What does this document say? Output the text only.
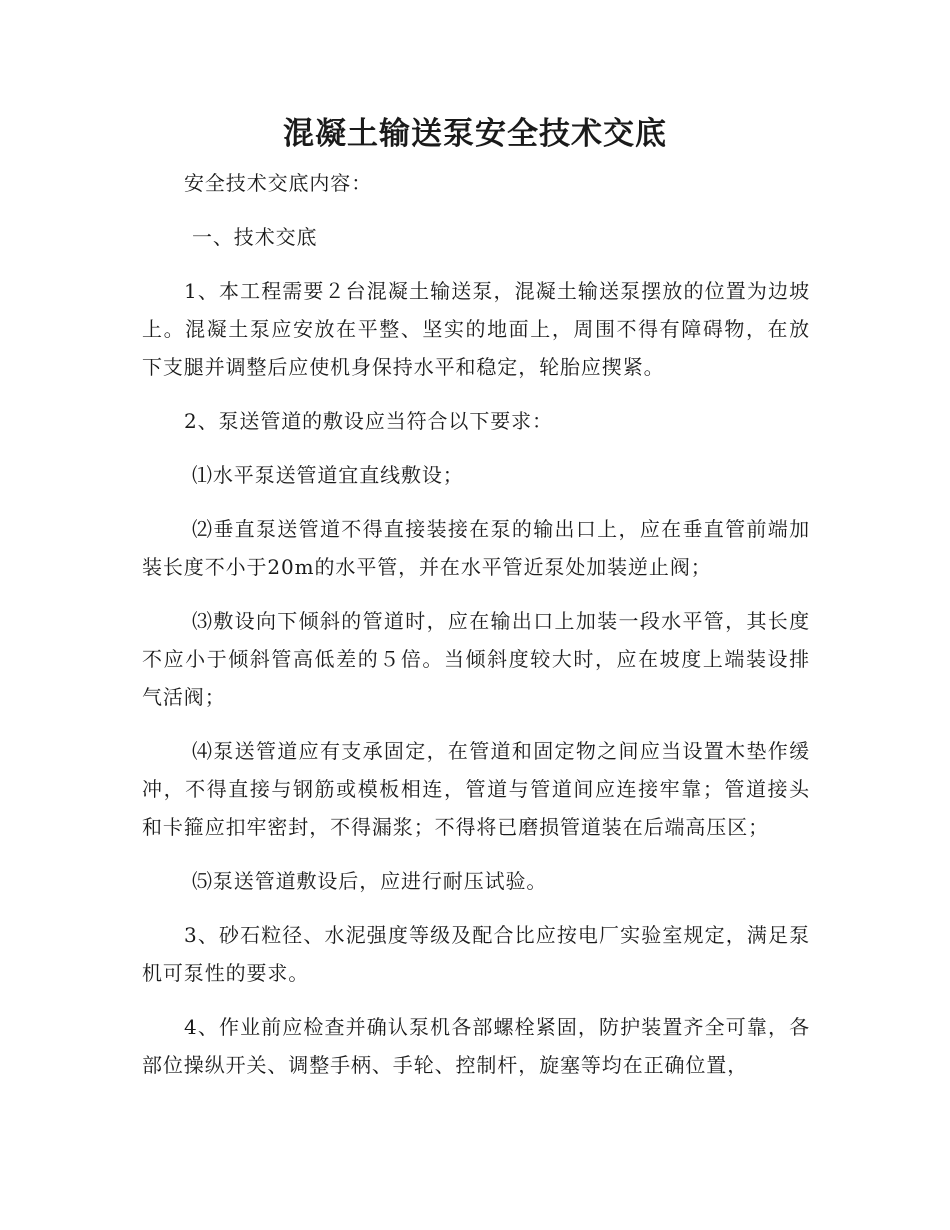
混凝土输送泵安全技术交底

安全技术交底内容：

一、技术交底

1、本工程需要２台混凝土输送泵，混凝土输送泵摆放的位置为边坡上。混凝土泵应安放在平整、坚实的地面上，周围不得有障碍物，在放下支腿并调整后应使机身保持水平和稳定，轮胎应揳紧。

2、泵送管道的敷设应当符合以下要求：

⑴水平泵送管道宜直线敷设；

⑵垂直泵送管道不得直接装接在泵的输出口上，应在垂直管前端加装长度不小于20m的水平管，并在水平管近泵处加装逆止阀；

⑶敷设向下倾斜的管道时，应在输出口上加装一段水平管，其长度不应小于倾斜管高低差的５倍。当倾斜度较大时，应在坡度上端装设排气活阀；

⑷泵送管道应有支承固定，在管道和固定物之间应当设置木垫作缓冲，不得直接与钢筋或模板相连，管道与管道间应连接牢靠；管道接头和卡箍应扣牢密封，不得漏浆；不得将已磨损管道装在后端高压区；

⑸泵送管道敷设后，应进行耐压试验。

3、砂石粒径、水泥强度等级及配合比应按电厂实验室规定，满足泵机可泵性的要求。

4、作业前应检查并确认泵机各部螺栓紧固，防护装置齐全可靠，各部位操纵开关、调整手柄、手轮、控制杆，旋塞等均在正确位置，
